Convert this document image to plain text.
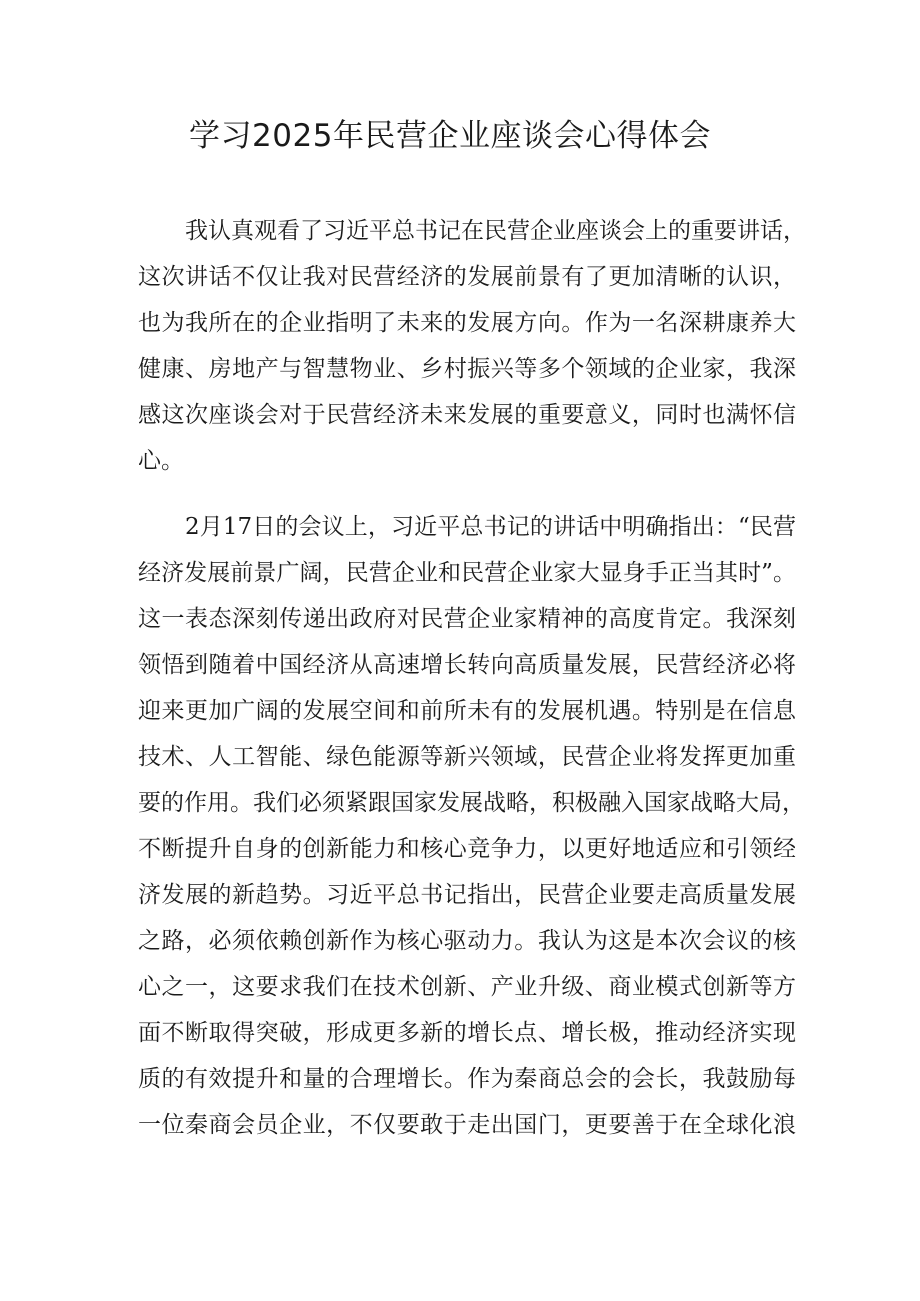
学习2025年民营企业座谈会心得体会
我认真观看了习近平总书记在民营企业座谈会上的重要讲话，
这次讲话不仅让我对民营经济的发展前景有了更加清晰的认识，
也为我所在的企业指明了未来的发展方向。作为一名深耕康养大
健康、房地产与智慧物业、乡村振兴等多个领域的企业家，我深
感这次座谈会对于民营经济未来发展的重要意义，同时也满怀信
心。
2月17日的会议上，习近平总书记的讲话中明确指出：“民营
经济发展前景广阔，民营企业和民营企业家大显身手正当其时”。
这一表态深刻传递出政府对民营企业家精神的高度肯定。我深刻
领悟到随着中国经济从高速增长转向高质量发展，民营经济必将
迎来更加广阔的发展空间和前所未有的发展机遇。特别是在信息
技术、人工智能、绿色能源等新兴领域，民营企业将发挥更加重
要的作用。我们必须紧跟国家发展战略，积极融入国家战略大局，
不断提升自身的创新能力和核心竞争力，以更好地适应和引领经
济发展的新趋势。习近平总书记指出，民营企业要走高质量发展
之路，必须依赖创新作为核心驱动力。我认为这是本次会议的核
心之一，这要求我们在技术创新、产业升级、商业模式创新等方
面不断取得突破，形成更多新的增长点、增长极，推动经济实现
质的有效提升和量的合理增长。作为秦商总会的会长，我鼓励每
一位秦商会员企业，不仅要敢于走出国门，更要善于在全球化浪
